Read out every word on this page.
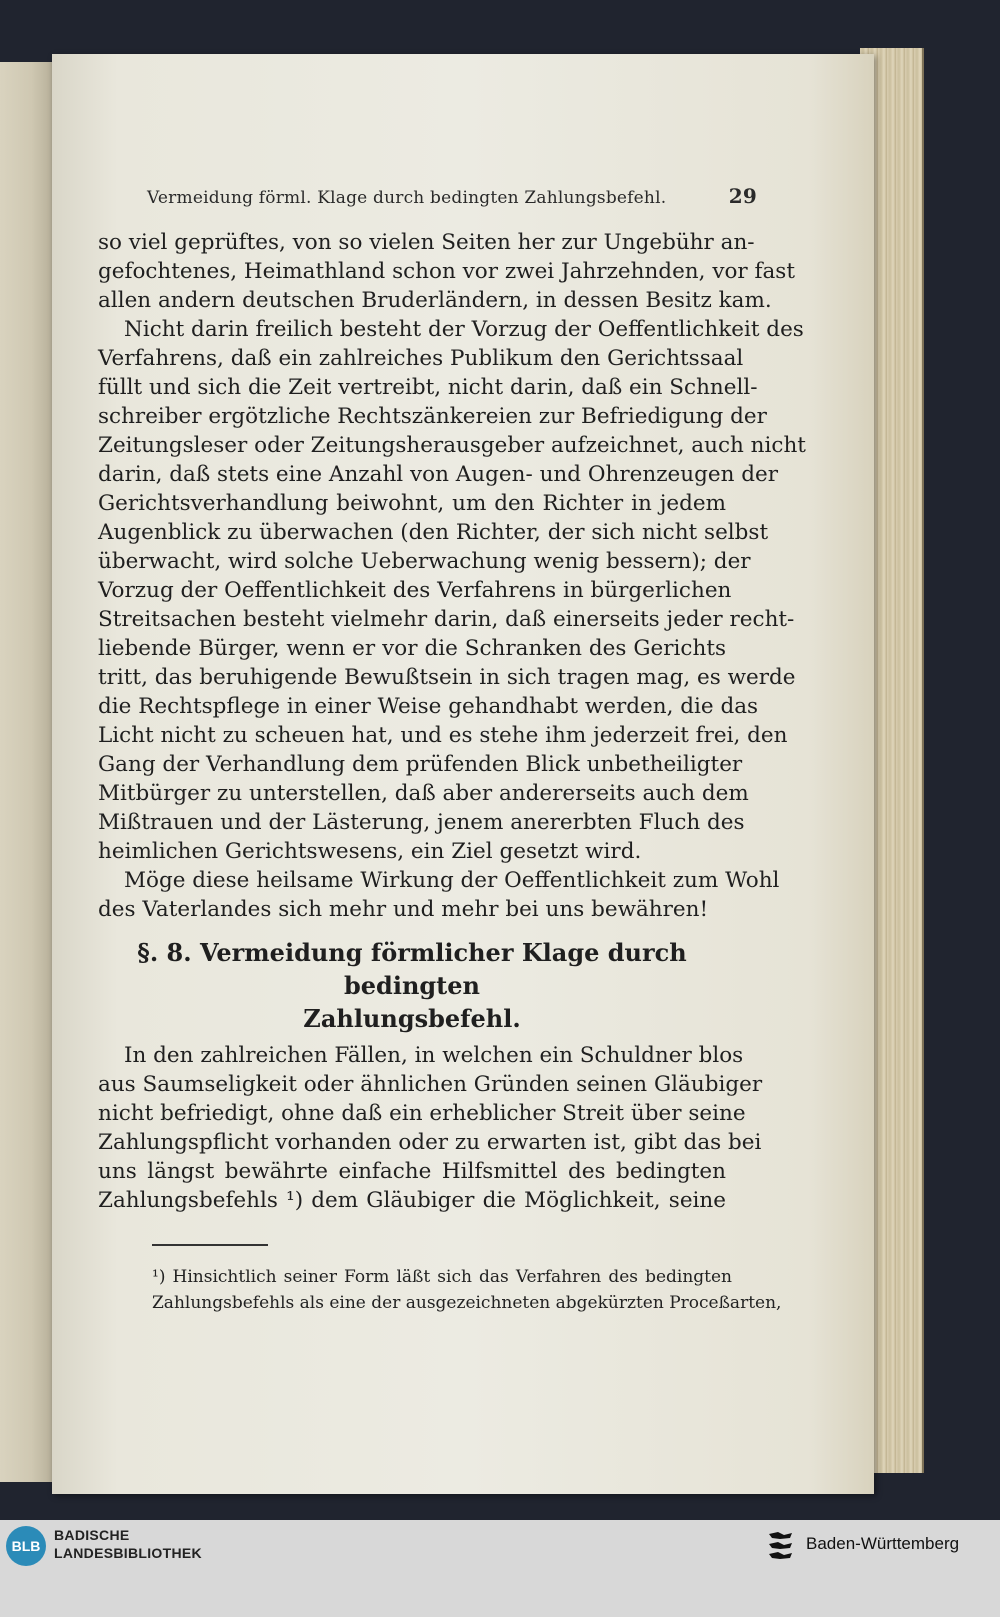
Vermeidung förml. Klage durch bedingten Zahlungsbefehl.	29
so viel geprüftes, von so vielen Seiten her zur Ungebühr an-
gefochtenes, Heimathland schon vor zwei Jahrzehnden, vor fast
allen andern deutschen Bruderländern, in dessen Besitz kam.
Nicht darin freilich besteht der Vorzug der Oeffentlichkeit des
Verfahrens, daß ein zahlreiches Publikum den Gerichtssaal
füllt und sich die Zeit vertreibt, nicht darin, daß ein Schnell-
schreiber ergötzliche Rechtszänkereien zur Befriedigung der
Zeitungsleser oder Zeitungsherausgeber aufzeichnet, auch nicht
darin, daß stets eine Anzahl von Augen- und Ohrenzeugen der
Gerichtsverhandlung beiwohnt, um den Richter in jedem
Augenblick zu überwachen (den Richter, der sich nicht selbst
überwacht, wird solche Ueberwachung wenig bessern); der
Vorzug der Oeffentlichkeit des Verfahrens in bürgerlichen
Streitsachen besteht vielmehr darin, daß einerseits jeder recht-
liebende Bürger, wenn er vor die Schranken des Gerichts
tritt, das beruhigende Bewußtsein in sich tragen mag, es werde
die Rechtspflege in einer Weise gehandhabt werden, die das
Licht nicht zu scheuen hat, und es stehe ihm jederzeit frei, den
Gang der Verhandlung dem prüfenden Blick unbetheiligter
Mitbürger zu unterstellen, daß aber andererseits auch dem
Mißtrauen und der Lästerung, jenem anererbten Fluch des
heimlichen Gerichtswesens, ein Ziel gesetzt wird.
Möge diese heilsame Wirkung der Oeffentlichkeit zum Wohl
des Vaterlandes sich mehr und mehr bei uns bewähren!
§. 8. Vermeidung förmlicher Klage durch bedingten
Zahlungsbefehl.
In den zahlreichen Fällen, in welchen ein Schuldner blos
aus Saumseligkeit oder ähnlichen Gründen seinen Gläubiger
nicht befriedigt, ohne daß ein erheblicher Streit über seine
Zahlungspflicht vorhanden oder zu erwarten ist, gibt das bei
uns längst bewährte einfache Hilfsmittel des bedingten
Zahlungsbefehls ¹) dem Gläubiger die Möglichkeit, seine
¹) Hinsichtlich seiner Form läßt sich das Verfahren des bedingten
Zahlungsbefehls als eine der ausgezeichneten abgekürzten Proceßarten,
BLB
BADISCHE
LANDESBIBLIOTHEK	Baden-Württemberg
